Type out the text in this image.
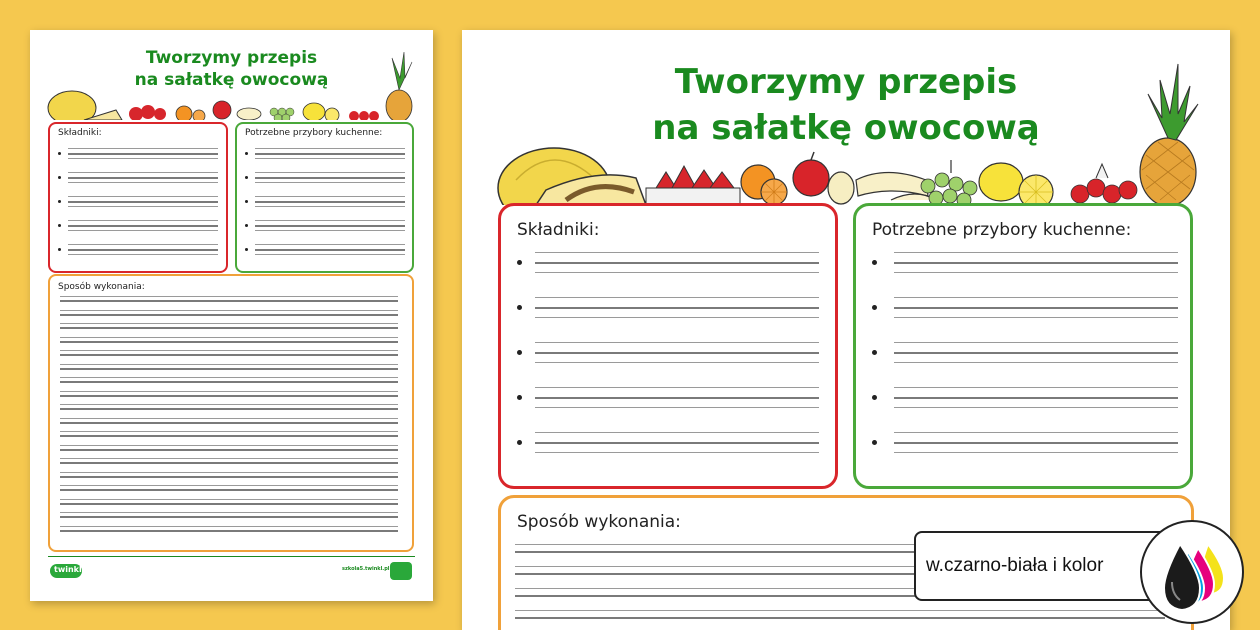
Tworzymy przepis
na sałatkę owocową
Składniki:	Potrzebne przybory kuchenne:
Sposób wykonania:
twinkl	szkola5.twinkl.pl
Tworzymy przepis
na sałatkę owocową
Składniki:	Potrzebne przybory kuchenne:
Sposób wykonania:
w.czarno-biała i kolor
